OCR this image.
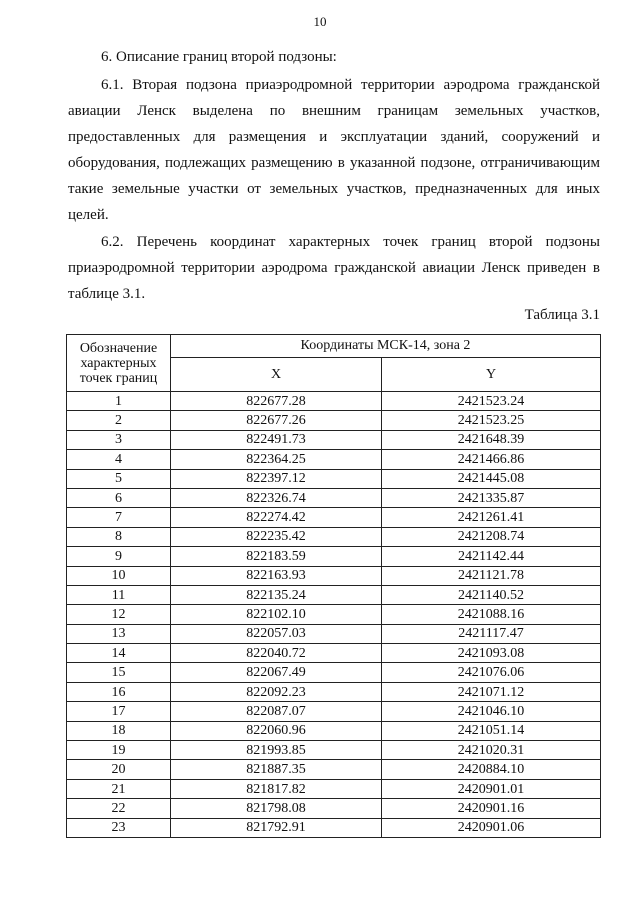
10
6. Описание границ второй подзоны:
6.1. Вторая подзона приаэродромной территории аэродрома гражданской авиации Ленск выделена по внешним границам земельных участков, предоставленных для размещения и эксплуатации зданий, сооружений и оборудования, подлежащих размещению в указанной подзоне, отграничивающим такие земельные участки от земельных участков, предназначенных для иных целей.
6.2. Перечень координат характерных точек границ второй подзоны приаэродромной территории аэродрома гражданской авиации Ленск приведен в таблице 3.1.
Таблица 3.1
Обозначение характерных точек границ	Координаты МСК-14, зона 2	
	X	Y
1	822677.28	2421523.24
2	822677.26	2421523.25
3	822491.73	2421648.39
4	822364.25	2421466.86
5	822397.12	2421445.08
6	822326.74	2421335.87
7	822274.42	2421261.41
8	822235.42	2421208.74
9	822183.59	2421142.44
10	822163.93	2421121.78
11	822135.24	2421140.52
12	822102.10	2421088.16
13	822057.03	2421117.47
14	822040.72	2421093.08
15	822067.49	2421076.06
16	822092.23	2421071.12
17	822087.07	2421046.10
18	822060.96	2421051.14
19	821993.85	2421020.31
20	821887.35	2420884.10
21	821817.82	2420901.01
22	821798.08	2420901.16
23	821792.91	2420901.06
